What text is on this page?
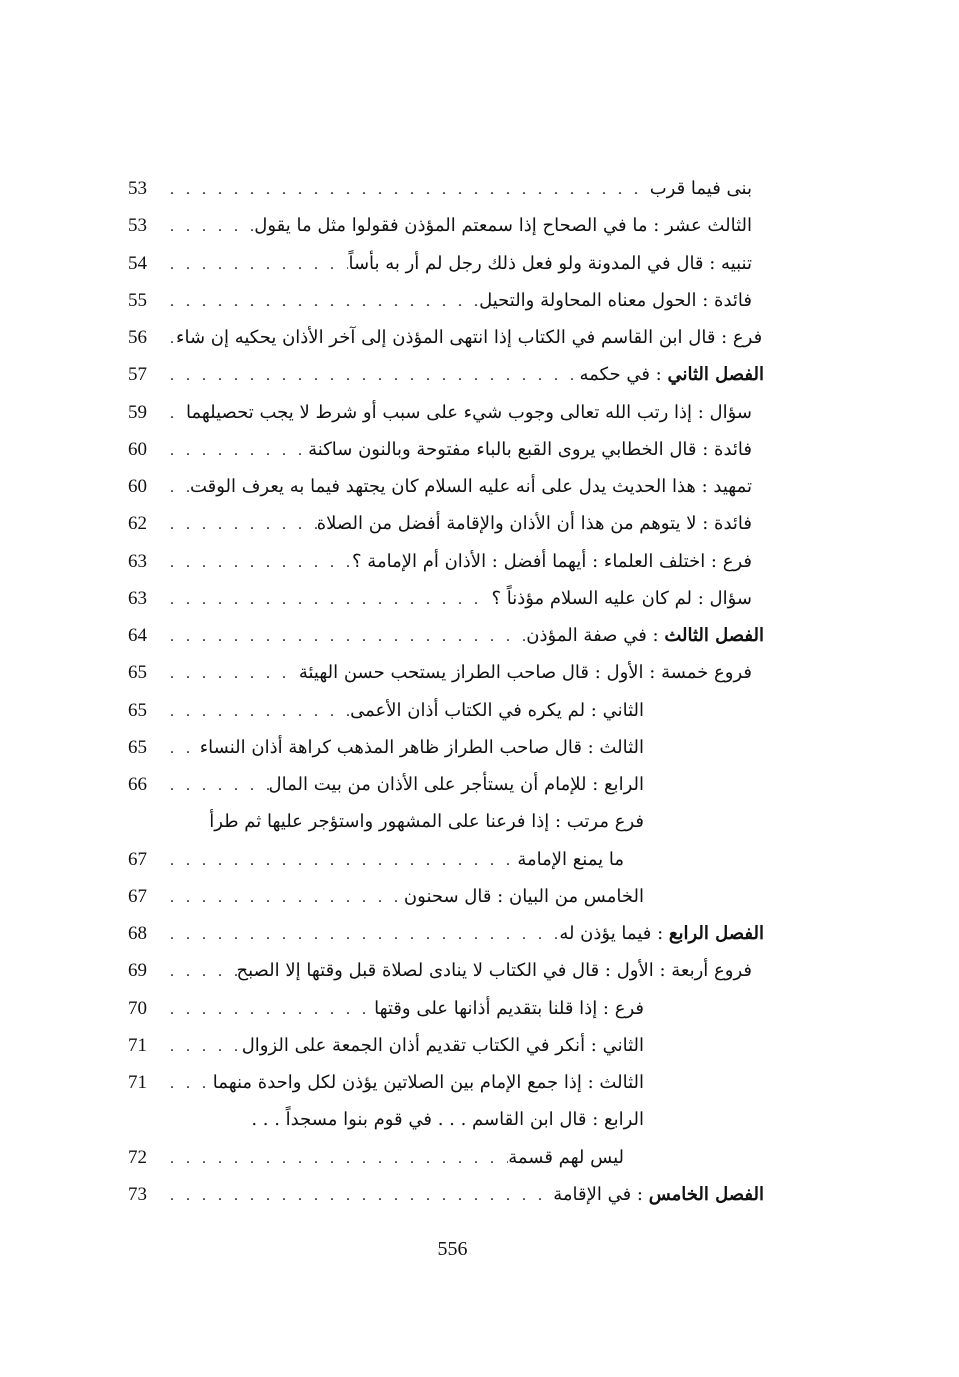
53 . . .	بنى فيما قرب
53 . . .	الثالث عشر : ما في الصحاح إذا سمعتم المؤذن فقولوا مثل ما يقول
54 . . .	تنبيه : قال في المدونة ولو فعل ذلك رجل لم أر به بأساً
55 . . .	فائدة : الحول معناه المحاولة والتحيل
56 . . .	فرع : قال ابن القاسم في الكتاب إذا انتهى المؤذن إلى آخر الأذان يحكيه إن شاء
57 . . .	الفصل الثاني : في حكمه
59 . . .	سؤال : إذا رتب الله تعالى وجوب شيء على سبب أو شرط لا يجب تحصيلهما
60 . . .	فائدة : قال الخطابي يروى القبع بالباء مفتوحة وبالنون ساكنة
60 . . .	تمهيد : هذا الحديث يدل على أنه عليه السلام كان يجتهد فيما به يعرف الوقت
62 . . .	فائدة : لا يتوهم من هذا أن الأذان والإقامة أفضل من الصلاة
63 . . .	فرع : اختلف العلماء : أيهما أفضل : الأذان أم الإمامة ؟
63 . . .	سؤال : لم كان عليه السلام مؤذناً ؟
64 . . .	الفصل الثالث : في صفة المؤذن
65 . . .	فروع خمسة : الأول : قال صاحب الطراز يستحب حسن الهيئة
65 . . .	الثاني : لم يكره في الكتاب أذان الأعمى
65 . . .	الثالث : قال صاحب الطراز ظاهر المذهب كراهة أذان النساء
66 . . .	الرابع : للإمام أن يستأجر على الأذان من بيت المال
فرع مرتب : إذا فرعنا على المشهور واستؤجر عليها ثم طرأ
67 . . .	ما يمنع الإمامة
67 . . .	الخامس من البيان : قال سحنون
68 . . .	الفصل الرابع : فيما يؤذن له
69 . . .	فروع أربعة : الأول : قال في الكتاب لا ينادى لصلاة قبل وقتها إلا الصبح
70 . . .	فرع : إذا قلنا بتقديم أذانها على وقتها
71 . . .	الثاني : أنكر في الكتاب تقديم أذان الجمعة على الزوال
71 . . .	الثالث : إذا جمع الإمام بين الصلاتين يؤذن لكل واحدة منهما
الرابع : قال ابن القاسم . . . في قوم بنوا مسجداً . . .
72 . . .	ليس لهم قسمة
73 . . .	الفصل الخامس : في الإقامة
556
